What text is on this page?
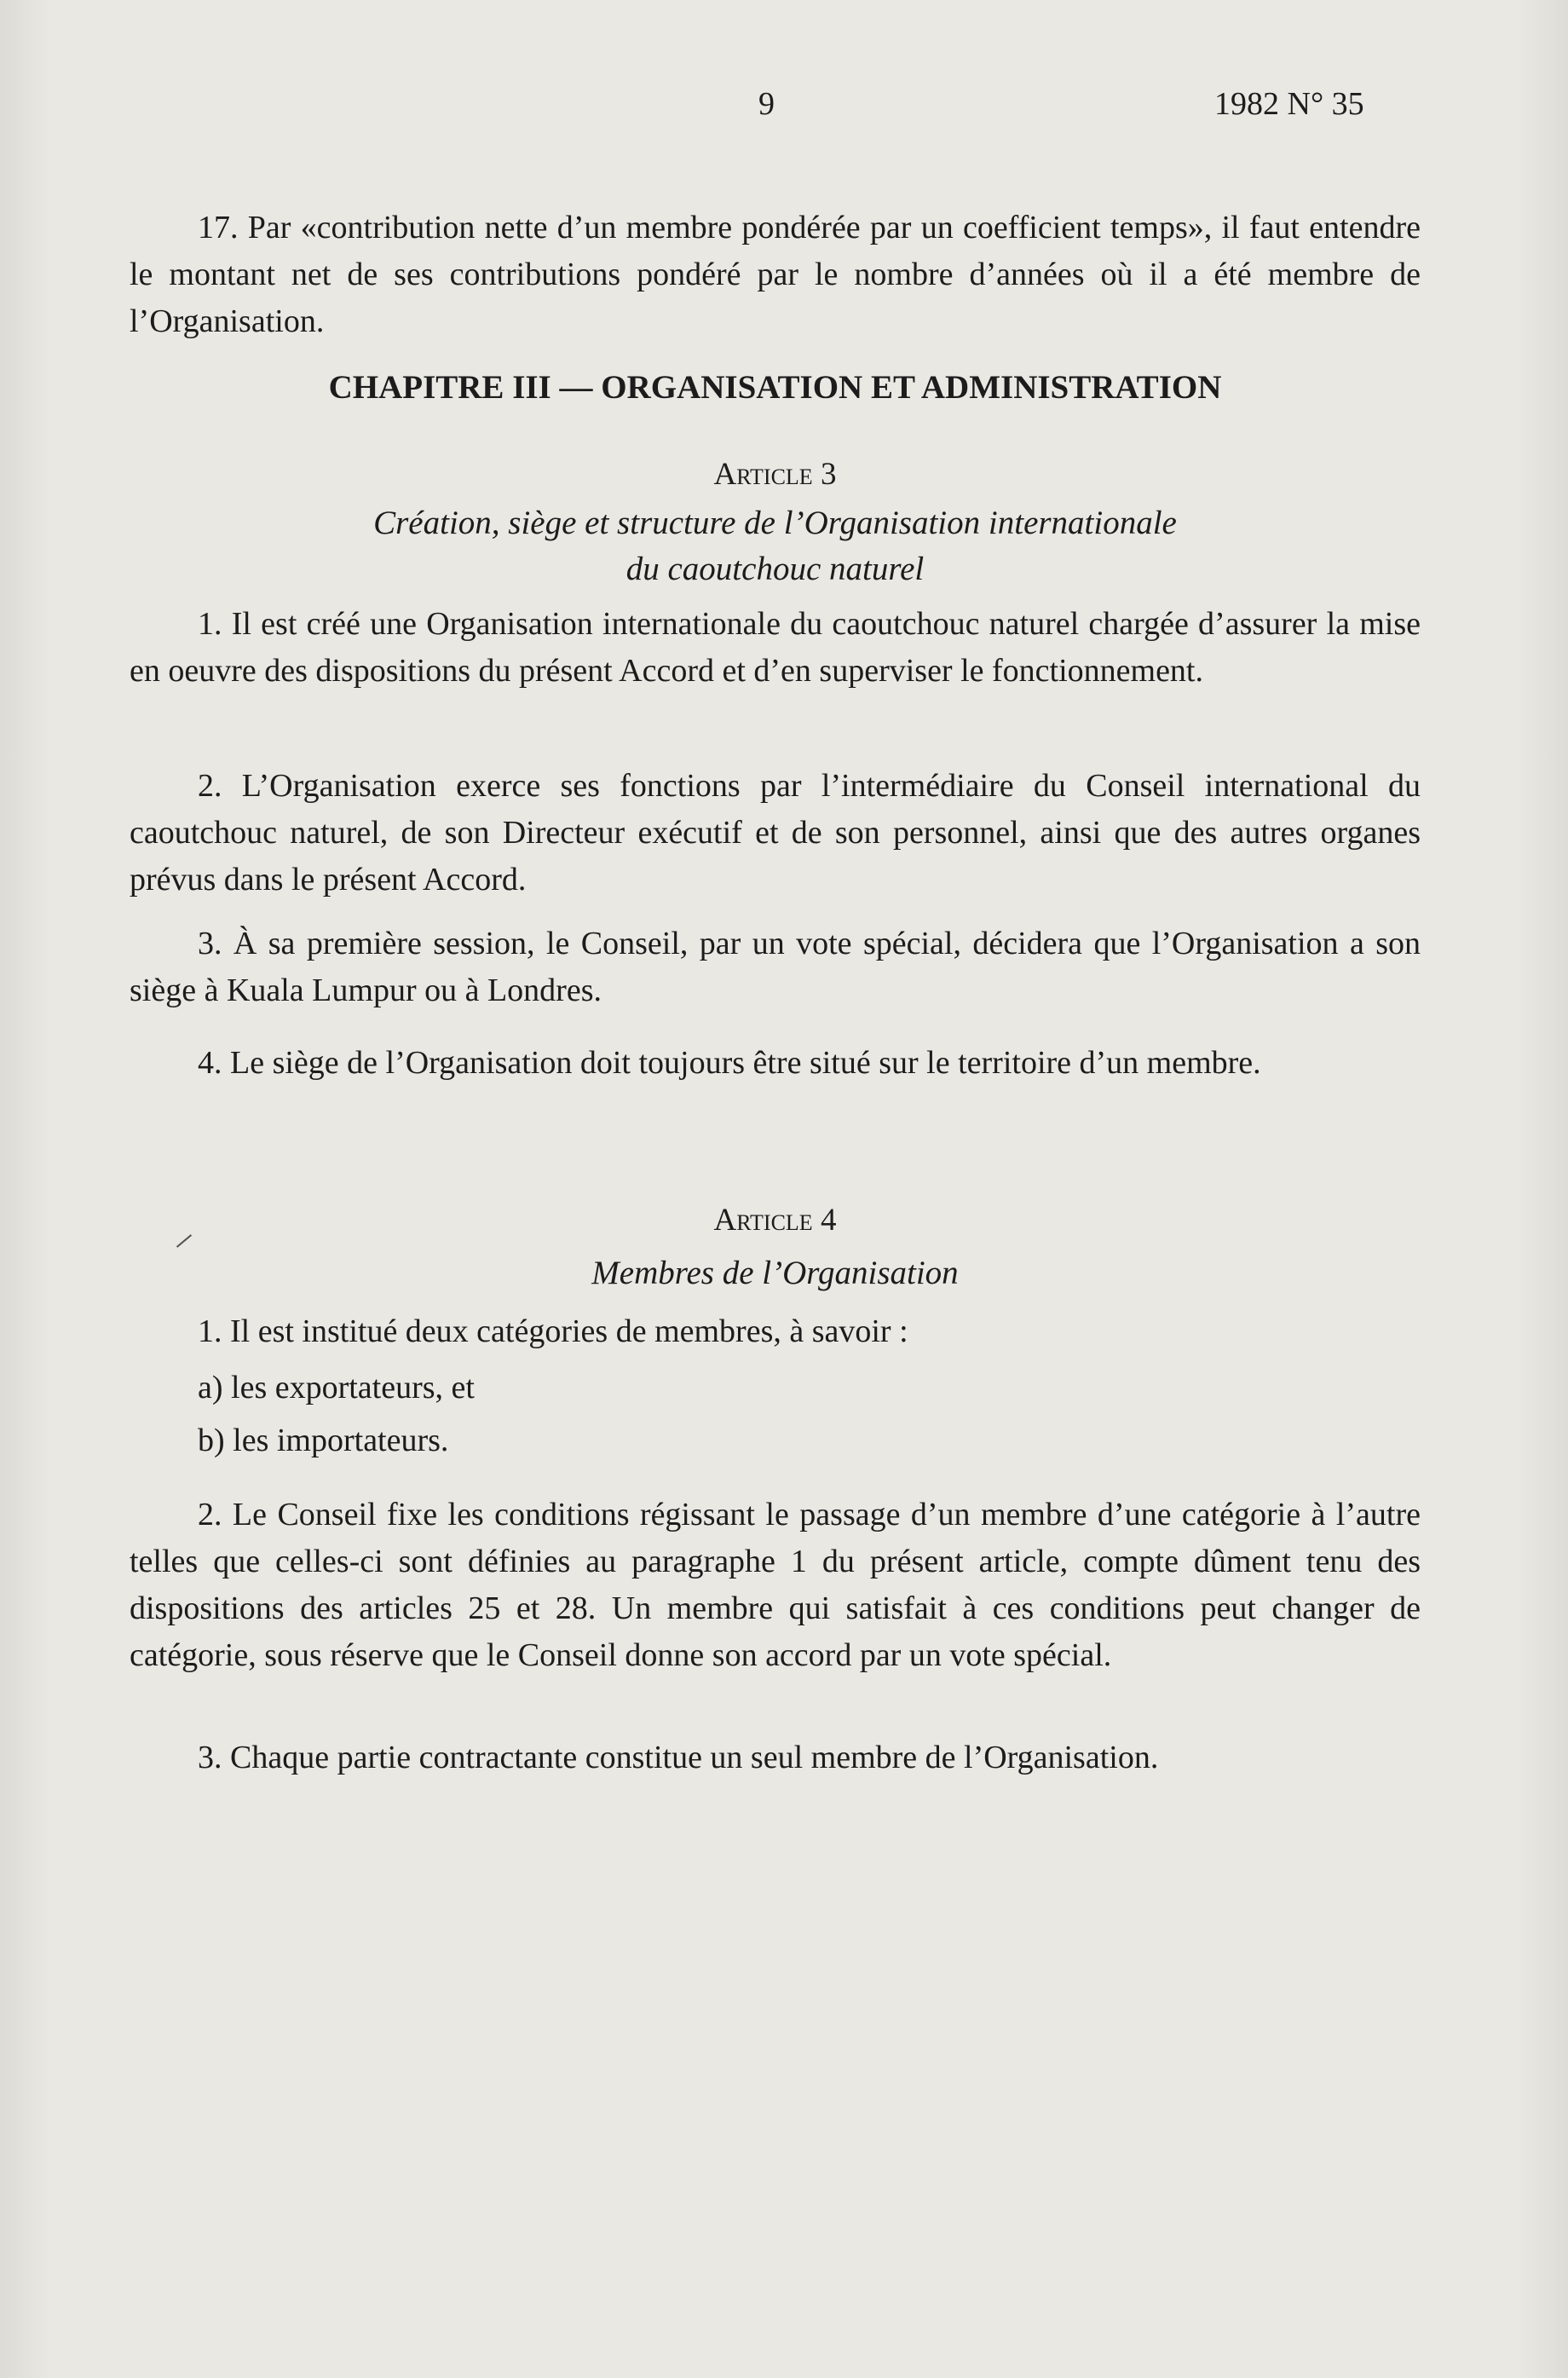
9	1982 N° 35

17. Par «contribution nette d’un membre pondérée par un coefficient temps», il faut entendre le montant net de ses contributions pondéré par le nombre d’années où il a été membre de l’Organisation.

CHAPITRE III — ORGANISATION ET ADMINISTRATION
Article 3
Création, siège et structure de l’Organisation internationale
du caoutchouc naturel

1. Il est créé une Organisation internationale du caoutchouc naturel chargée d’assurer la mise en oeuvre des dispositions du présent Accord et d’en superviser le fonctionnement.

2. L’Organisation exerce ses fonctions par l’intermédiaire du Conseil international du caoutchouc naturel, de son Directeur exécutif et de son personnel, ainsi que des autres organes prévus dans le présent Accord.

3. À sa première session, le Conseil, par un vote spécial, décidera que l’Organisation a son siège à Kuala Lumpur ou à Londres.

4. Le siège de l’Organisation doit toujours être situé sur le territoire d’un membre.

Article 4
Membres de l’Organisation
1. Il est institué deux catégories de membres, à savoir :
a) les exportateurs, et
b) les importateurs.

2. Le Conseil fixe les conditions régissant le passage d’un membre d’une catégorie à l’autre telles que celles-ci sont définies au paragraphe 1 du présent article, compte dûment tenu des dispositions des articles 25 et 28. Un membre qui satisfait à ces conditions peut changer de catégorie, sous réserve que le Conseil donne son accord par un vote spécial.

3. Chaque partie contractante constitue un seul membre de l’Organisation.
